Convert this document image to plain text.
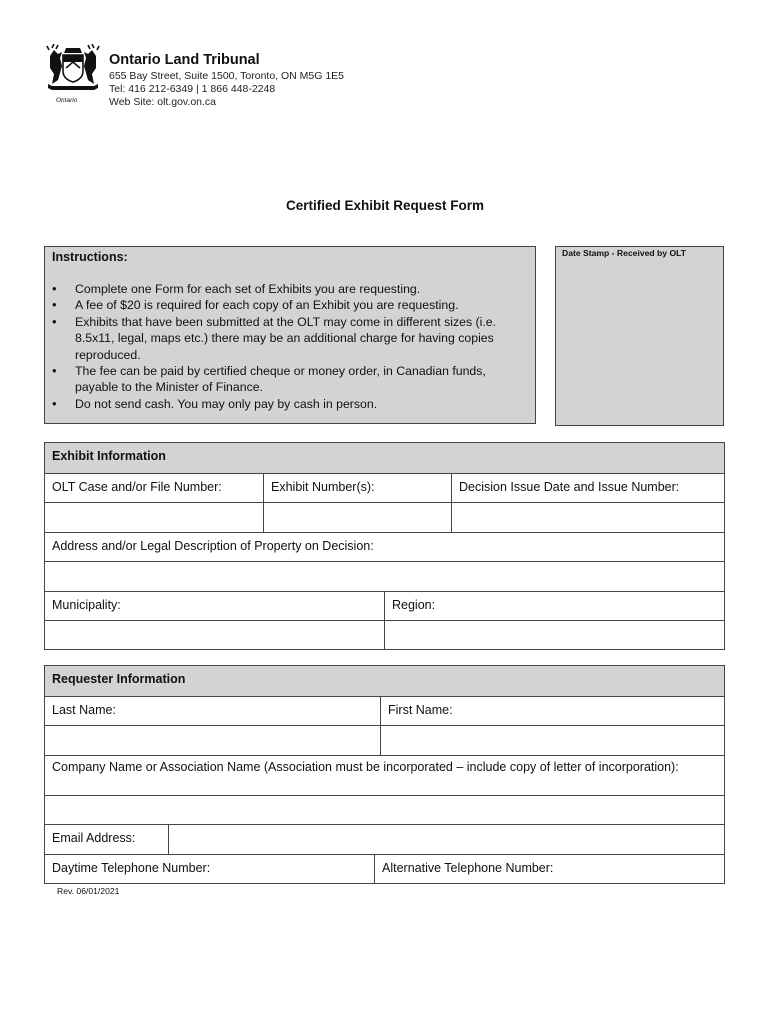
Ontario
Ontario Land Tribunal
655 Bay Street, Suite 1500, Toronto, ON M5G 1E5
Tel: 416 212-6349 | 1 866 448-2248
Web Site: olt.gov.on.ca
Certified Exhibit Request Form
Instructions:
• Complete one Form for each set of Exhibits you are requesting.
• A fee of $20 is required for each copy of an Exhibit you are requesting.
• Exhibits that have been submitted at the OLT may come in different sizes (i.e. 8.5x11, legal, maps etc.) there may be an additional charge for having copies reproduced.
• The fee can be paid by certified cheque or money order, in Canadian funds, payable to the Minister of Finance.
• Do not send cash. You may only pay by cash in person.
Date Stamp - Received by OLT
Exhibit Information
OLT Case and/or File Number:	Exhibit Number(s):	Decision Issue Date and Issue Number:
Address and/or Legal Description of Property on Decision:
Municipality:	Region:
Requester Information
Last Name:	First Name:
Company Name or Association Name (Association must be incorporated – include copy of letter of incorporation):
Email Address:
Daytime Telephone Number:	Alternative Telephone Number:
Rev. 06/01/2021
